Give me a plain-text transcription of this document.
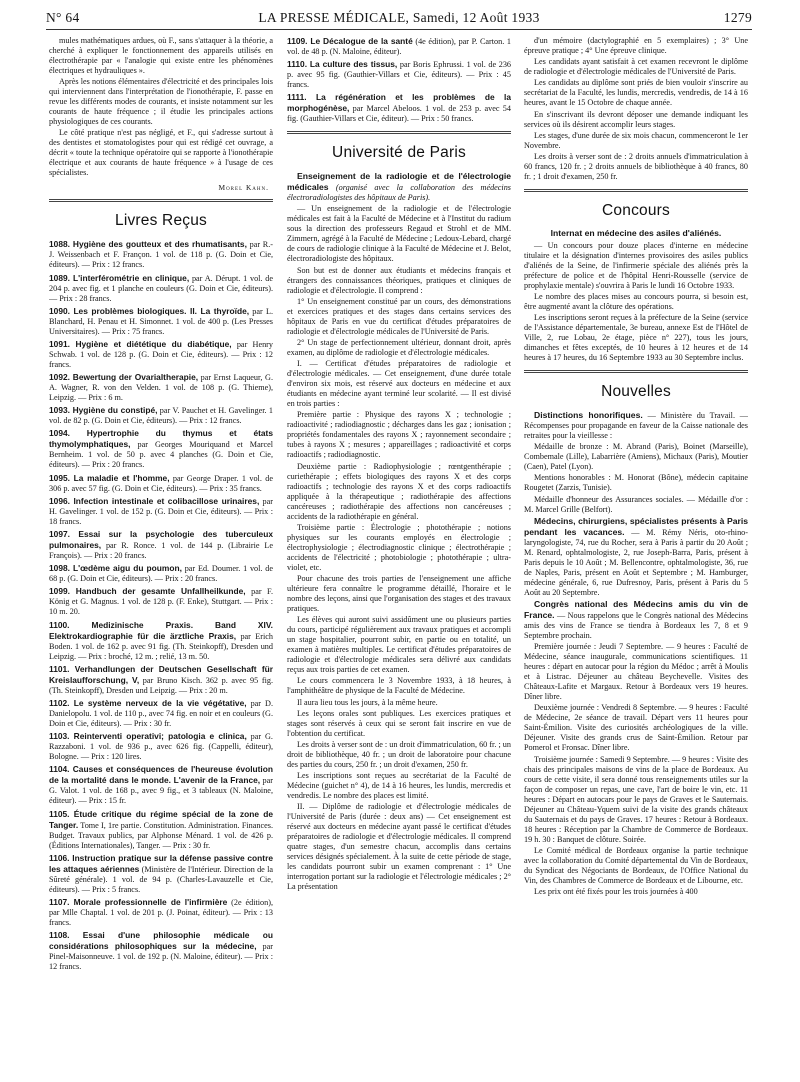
N° 64	LA PRESSE MÉDICALE, Samedi, 12 Août 1933	1279

mules mathématiques ardues, où F., sans s'attaquer à la théorie, a cherché à expliquer le fonctionnement des appareils utilisés en électrothérapie par « l'analogie qui existe entre les phénomènes électriques et hydrauliques ».

Après les notions élémentaires d'électricité et des principales lois qui interviennent dans l'interprétation de l'ionothérapie, F. passe en revue les différents modes de courants, et insiste notamment sur les courants de haute fréquence ; il étudie les principales actions physiologiques de ces courants.

Le côté pratique n'est pas négligé, et F., qui s'adresse surtout à des dentistes et stomatologistes pour qui est rédigé cet ouvrage, a décrit « toute la technique opératoire qui se rapporte à l'ionothérapie électrique et aux courants de haute fréquence » à l'usage de ces spécialistes.

Morel Kahn.
Livres Reçus

1088. Hygiène des goutteux et des rhumatisants, par R.-J. Weissenbach et F. Françon. 1 vol. de 118 p. (G. Doin et Cie, éditeurs). — Prix : 12 francs.

1089. L'interférométrie en clinique, par A. Dérupt. 1 vol. de 204 p. avec fig. et 1 planche en couleurs (G. Doin et Cie, éditeurs). — Prix : 28 francs.

1090. Les problèmes biologiques. II. La thyroïde, par L. Blanchard, H. Penau et H. Simonnet. 1 vol. de 400 p. (Les Presses Universitaires). — Prix : 75 francs.

1091. Hygiène et diététique du diabétique, par Henry Schwab. 1 vol. de 128 p. (G. Doin et Cie, éditeurs). — Prix : 12 francs.

1092. Bewertung der Ovarialtherapie, par Ernst Laqueur, G. A. Wagner, R. von den Velden. 1 vol. de 108 p. (G. Thieme), Leipzig. — Prix : 6 m.

1093. Hygiène du constipé, par V. Pauchet et H. Gavelinger. 1 vol. de 82 p. (G. Doin et Cie, éditeurs). — Prix : 12 francs.

1094. Hypertrophie du thymus et états thymolymphatiques, par Georges Mouriquand et Marcel Bernheim. 1 vol. de 50 p. avec 4 planches (G. Doin et Cie, éditeurs). — Prix : 20 francs.

1095. La maladie et l'homme, par George Draper. 1 vol. de 306 p. avec 57 fig. (G. Doin et Cie, éditeurs). — Prix : 35 francs.

1096. Infection intestinale et colibacillose urinaires, par H. Gavelinger. 1 vol. de 152 p. (G. Doin et Cie, éditeurs). — Prix : 18 francs.

1097. Essai sur la psychologie des tuberculeux pulmonaires, par R. Ronce. 1 vol. de 144 p. (Librairie Le François). — Prix : 20 francs.

1098. L'œdème aigu du poumon, par Ed. Doumer. 1 vol. de 68 p. (G. Doin et Cie, éditeurs). — Prix : 20 francs.

1099. Handbuch der gesamte Unfallheilkunde, par F. König et G. Magnus. 1 vol. de 128 p. (F. Enke), Stuttgart. — Prix : 10 m. 20.

1100. Medizinische Praxis. Band XIV. Elektrokardiographie für die ärztliche Praxis, par Erich Boden. 1 vol. de 162 p. avec 91 fig. (Th. Steinkopff), Dresden und Leipzig. — Prix : broché, 12 m. ; relié, 13 m. 50.

1101. Verhandlungen der Deutschen Gesellschaft für Kreislaufforschung, V, par Bruno Kisch. 362 p. avec 95 fig. (Th. Steinkopff), Dresden und Leipzig. — Prix : 20 m.

1102. Le système nerveux de la vie végétative, par D. Danielopolu. 1 vol. de 110 p., avec 74 fig. en noir et en couleurs (G. Doin et Cie, éditeurs). — Prix : 30 fr.

1103. Reinterventi operativi; patologia e clinica, par G. Razzaboni. 1 vol. de 936 p., avec 626 fig. (Cappelli, éditeur), Bologne. — Prix : 120 lires.

1104. Causes et conséquences de l'heureuse évolution de la mortalité dans le monde. L'avenir de la France, par G. Valot. 1 vol. de 168 p., avec 9 fig., et 3 tableaux (N. Maloine, éditeur). — Prix : 15 fr.

1105. Étude critique du régime spécial de la zone de Tanger. Tome I, 1re partie. Constitution. Administration. Finances. Budget. Travaux publics, par Alphonse Ménard. 1 vol. de 426 p. (Éditions Internationales), Tanger. — Prix : 30 fr.

1106. Instruction pratique sur la défense passive contre les attaques aériennes (Ministère de l'Intérieur. Direction de la Sûreté générale). 1 vol. de 94 p. (Charles-Lavauzelle et Cie, éditeurs). — Prix : 5 francs.

1107. Morale professionnelle de l'infirmière (2e édition), par Mlle Chaptal. 1 vol. de 201 p. (J. Poinat, éditeur). — Prix : 13 francs.

1108. Essai d'une philosophie médicale ou considérations philosophiques sur la médecine, par Pinel-Maisonneuve. 1 vol. de 192 p. (N. Maloine, éditeur). — Prix : 12 francs.

1109. Le Décalogue de la santé (4e édition), par P. Carton. 1 vol. de 48 p. (N. Maloine, éditeur).

1110. La culture des tissus, par Boris Ephrussi. 1 vol. de 236 p. avec 95 fig. (Gauthier-Villars et Cie, éditeurs). — Prix : 45 francs.

1111. La régénération et les problèmes de la morphogénèse, par Marcel Abeloos. 1 vol. de 253 p. avec 54 fig. (Gauthier-Villars et Cie, éditeur). — Prix : 50 francs.

Université de Paris

Enseignement de la radiologie et de l'électrologie médicales (organisé avec la collaboration des médecins électroradiologistes des hôpitaux de Paris).

— Un enseignement de la radiologie et de l'électrologie médicales est fait à la Faculté de Médecine et à l'Institut du radium sous la direction des professeurs Regaud et Strohl et de MM. Zimmern, agrégé à la Faculté de Médecine ; Ledoux-Lebard, chargé de cours de radiologie clinique à la Faculté de Médecine et J. Belot, électroradiologiste des hôpitaux.

Son but est de donner aux étudiants et médecins français et étrangers des connaissances théoriques, pratiques et cliniques de radiologie et d'électrologie. Il comprend :

1° Un enseignement constitué par un cours, des démonstrations et exercices pratiques et des stages dans certains services des hôpitaux de Paris en vue du certificat d'études préparatoires de radiologie et d'électrologie médicales de l'Université de Paris.

2° Un stage de perfectionnement ultérieur, donnant droit, après examen, au diplôme de radiologie et d'électrologie médicales.

I. — Certificat d'études préparatoires de radiologie et d'électrologie médicales. — Cet enseignement, d'une durée totale d'environ six mois, est réservé aux docteurs en médecine et aux étudiants en médecine ayant terminé leur scolarité. — Il est divisé en trois parties :

Première partie : Physique des rayons X ; technologie ; radioactivité ; radiodiagnostic ; décharges dans les gaz ; ionisation ; propriétés fondamentales des rayons X ; rayonnement secondaire ; tubes à rayons X ; mesures ; appareillages ; radioactivité et corps radioactifs ; radiodiagnostic.

Deuxième partie : Radiophysiologie ; rœntgenthérapie ; curiethérapie ; effets biologiques des rayons X et des corps radioactifs ; technologie des rayons X et des corps radioactifs appliquée à la thérapeutique ; radiothérapie des affections cancéreuses ; radiothérapie des affections non cancéreuses ; accidents de la radiothérapie en général.

Troisième partie : Électrologie ; photothérapie ; notions physiques sur les courants employés en électrologie ; électrophysiologie ; électrodiagnostic clinique ; électrothérapie ; accidents de l'électricité ; photobiologie ; photothérapie ; ultra-violet, etc.

Pour chacune des trois parties de l'enseignement une affiche ultérieure fera connaître le programme détaillé, l'horaire et le nombre des leçons, ainsi que l'organisation des stages et des travaux pratiques.

Les élèves qui auront suivi assidûment une ou plusieurs parties du cours, participé régulièrement aux travaux pratiques et accompli un stage hospitalier, pourront subir, en partie ou en totalité, un examen à matières multiples. Le certificat d'études préparatoires de radiologie et d'électrologie médicales sera délivré aux candidats reçus aux trois parties de cet examen.

Le cours commencera le 3 Novembre 1933, à 18 heures, à l'amphithéâtre de physique de la Faculté de Médecine.

Il aura lieu tous les jours, à la même heure.

Les leçons orales sont publiques. Les exercices pratiques et stages sont réservés à ceux qui se seront fait inscrire en vue de l'obtention du certificat.

Les droits à verser sont de : un droit d'immatriculation, 60 fr. ; un droit de bibliothèque, 40 fr. ; un droit de laboratoire pour chacune des parties du cours, 250 fr. ; un droit d'examen, 250 fr.

Les inscriptions sont reçues au secrétariat de la Faculté de Médecine (guichet n° 4), de 14 à 16 heures, les lundis, mercredis et vendredis. Le nombre des places est limité.

II. — Diplôme de radiologie et d'électrologie médicales de l'Université de Paris (durée : deux ans) — Cet enseignement est réservé aux docteurs en médecine ayant passé le certificat d'études préparatoires de radiologie et d'électrologie médicales. Il comprend quatre stages, d'un semestre chacun, accomplis dans certains services désignés spécialement. À la suite de cette période de stage, les candidats pourront subir un examen comprenant : 1° Une interrogation portant sur la radiologie et l'électrologie médicales ; 2° La présentation

d'un mémoire (dactylographié en 5 exemplaires) ; 3° Une épreuve pratique ; 4° Une épreuve clinique.

Les candidats ayant satisfait à cet examen recevront le diplôme de radiologie et d'électrologie médicales de l'Université de Paris.

Les candidats au diplôme sont priés de bien vouloir s'inscrire au secrétariat de la Faculté, les lundis, mercredis, vendredis, de 14 à 16 heures, avant le 15 Octobre de chaque année.

En s'inscrivant ils devront déposer une demande indiquant les services où ils désirent accomplir leurs stages.

Les stages, d'une durée de six mois chacun, commenceront le 1er Novembre.

Les droits à verser sont de : 2 droits annuels d'immatriculation à 60 francs, 120 fr. ; 2 droits annuels de bibliothèque à 40 francs, 80 fr. ; 1 droit d'examen, 250 fr.

Concours
Internat en médecine des asiles d'aliénés.

— Un concours pour douze places d'interne en médecine titulaire et la désignation d'internes provisoires des asiles publics d'aliénés de la Seine, de l'infirmerie spéciale des aliénés près la préfecture de police et de l'hôpital Henri-Rousselle (service de prophylaxie mentale) s'ouvrira à Paris le lundi 16 Octobre 1933.

Le nombre des places mises au concours pourra, si besoin est, être augmenté avant la clôture des opérations.

Les inscriptions seront reçues à la préfecture de la Seine (service de l'Assistance départementale, 3e bureau, annexe Est de l'Hôtel de Ville, 2, rue Lobau, 2e étage, pièce n° 227), tous les jours, dimanches et fêtes exceptés, de 10 heures à 12 heures et de 14 heures à 17 heures, du 16 Septembre 1933 au 30 Septembre inclus.

Nouvelles

Distinctions honorifiques. — Ministère du Travail. — Récompenses pour propagande en faveur de la Caisse nationale des retraites pour la vieillesse :

Médaille de bronze : M. Abrand (Paris), Boinet (Marseille), Combemale (Lille), Labarrière (Amiens), Michaux (Paris), Moutier (Caen), Patel (Lyon).

Mentions honorables : M. Honorat (Bône), médecin capitaine Rougetet (Zarzis, Tunisie).

Médaille d'honneur des Assurances sociales. — Médaille d'or : M. Marcel Grille (Belfort).

Médecins, chirurgiens, spécialistes présents à Paris pendant les vacances. — M. Rémy Néris, oto-rhino-laryngologiste, 74, rue du Rocher, sera à Paris à partir du 20 Août ; M. Renard, ophtalmologiste, 2, rue Joseph-Barra, Paris, présent à Paris depuis le 10 Août ; M. Bellencontre, ophtalmologiste, 36, rue de Naples, Paris, présent en Août et Septembre ; M. Hamburger, médecine générale, 6, rue Dufresnoy, Paris, présent à Paris du 5 Août au 20 Septembre.

Congrès national des Médecins amis du vin de France. — Nous rappelons que le Congrès national des Médecins amis des vins de France se tiendra à Bordeaux les 7, 8 et 9 Septembre prochain.

Première journée : Jeudi 7 Septembre. — 9 heures : Faculté de Médecine, séance inaugurale, communications scientifiques. 11 heures : départ en autocar pour la région du Médoc ; arrêt à Moulis et à Listrac. Déjeuner au château Beychevelle. Visites des Châteaux-Lafite et Margaux. Retour à Bordeaux vers 19 heures. Dîner libre.

Deuxième journée : Vendredi 8 Septembre. — 9 heures : Faculté de Médecine, 2e séance de travail. Départ vers 11 heures pour Saint-Émilion. Visite des curiosités archéologiques de la ville. Déjeuner. Visite des grands crus de Saint-Émilion. Retour par Pomerol et Fronsac. Dîner libre.

Troisième journée : Samedi 9 Septembre. — 9 heures : Visite des chais des principales maisons de vins de la place de Bordeaux. Au cours de cette visite, il sera donné tous renseignements utiles sur la façon de composer un repas, une cave, l'art de boire le vin, etc. 11 heures : Départ en autocars pour le pays de Graves et le Sauternais. Déjeuner au Château-Yquem suivi de la visite des grands châteaux du Sauternais et du pays de Graves. 17 heures : Retour à Bordeaux. 18 heures : Réception par la Chambre de Commerce de Bordeaux. 19 h. 30 : Banquet de clôture. Soirée.

Le Comité médical de Bordeaux organise la partie technique avec la collaboration du Comité départemental du Vin de Bordeaux, du Syndicat des Négociants de Bordeaux, de l'Office National du Vin, des Chambres de Commerce de Bordeaux et de Libourne, etc.

Les prix ont été fixés pour les trois journées à 400
